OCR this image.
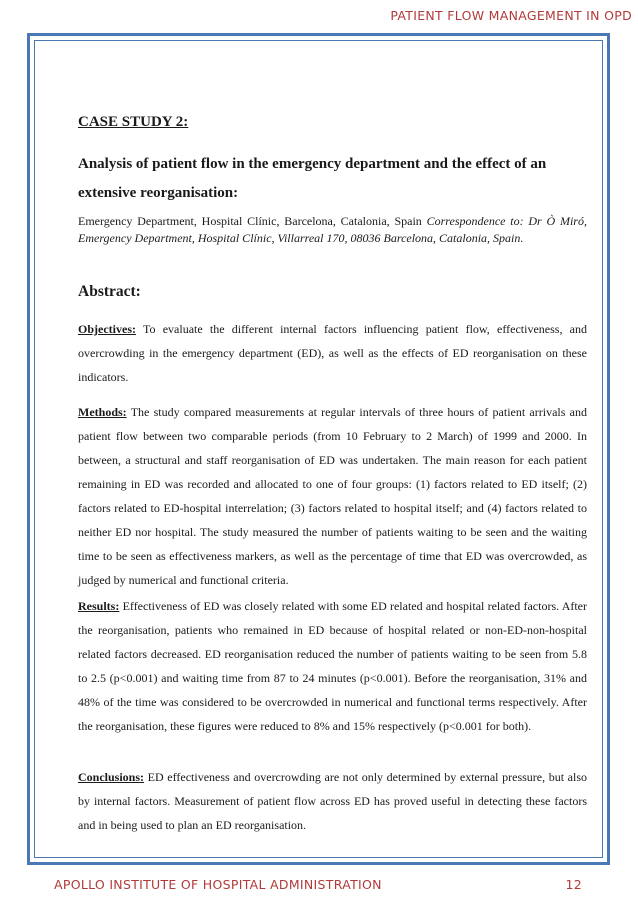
PATIENT FLOW MANAGEMENT IN OPD
CASE STUDY 2:
Analysis of patient flow in the emergency department and the effect of an extensive reorganisation:
Emergency Department, Hospital Clínic, Barcelona, Catalonia, Spain Correspondence to: Dr Ò Miró, Emergency Department, Hospital Clínic, Villarreal 170, 08036 Barcelona, Catalonia, Spain.
Abstract:
Objectives: To evaluate the different internal factors influencing patient flow, effectiveness, and overcrowding in the emergency department (ED), as well as the effects of ED reorganisation on these indicators.
Methods: The study compared measurements at regular intervals of three hours of patient arrivals and patient flow between two comparable periods (from 10 February to 2 March) of 1999 and 2000. In between, a structural and staff reorganisation of ED was undertaken. The main reason for each patient remaining in ED was recorded and allocated to one of four groups: (1) factors related to ED itself; (2) factors related to ED-hospital interrelation; (3) factors related to hospital itself; and (4) factors related to neither ED nor hospital. The study measured the number of patients waiting to be seen and the waiting time to be seen as effectiveness markers, as well as the percentage of time that ED was overcrowded, as judged by numerical and functional criteria.
Results: Effectiveness of ED was closely related with some ED related and hospital related factors. After the reorganisation, patients who remained in ED because of hospital related or non-ED-non-hospital related factors decreased. ED reorganisation reduced the number of patients waiting to be seen from 5.8 to 2.5 (p<0.001) and waiting time from 87 to 24 minutes (p<0.001). Before the reorganisation, 31% and 48% of the time was considered to be overcrowded in numerical and functional terms respectively. After the reorganisation, these figures were reduced to 8% and 15% respectively (p<0.001 for both).
Conclusions: ED effectiveness and overcrowding are not only determined by external pressure, but also by internal factors. Measurement of patient flow across ED has proved useful in detecting these factors and in being used to plan an ED reorganisation.
APOLLO INSTITUTE OF HOSPITAL ADMINISTRATION	12
